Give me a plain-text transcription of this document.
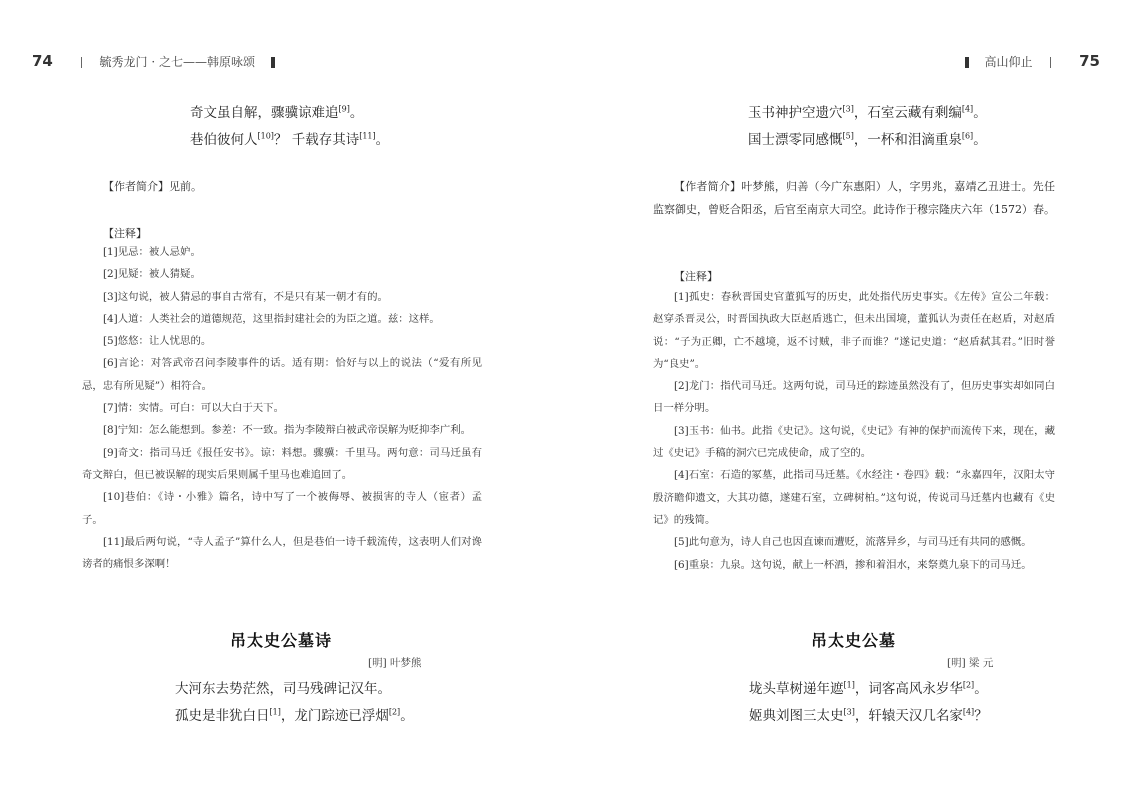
74	毓秀龙门 · 之七——韩原咏颂
奇文虽自解，骤骥谅难追[9]。
巷伯彼何人[10]？ 千载存其诗[11]。
【作者简介】见前。
【注释】

[1]见忌：被人忌妒。

[2]见疑：被人猜疑。

[3]这句说，被人猜忌的事自古常有，不是只有某一朝才有的。

[4]人道：人类社会的道德规范，这里指封建社会的为臣之道。兹：这样。

[5]悠悠：让人忧思的。

[6]言论：对答武帝召问李陵事件的话。适有期：恰好与以上的说法（“爱有所见忌，忠有所见疑”）相符合。

[7]情：实情。可白：可以大白于天下。

[8]宁知：怎么能想到。参差：不一致。指为李陵辩白被武帝误解为贬抑李广利。

[9]奇文：指司马迁《报任安书》。谅：料想。骤骥：千里马。两句意：司马迁虽有奇文辩白，但已被误解的现实后果则属千里马也难追回了。

[10]巷伯：《诗・小雅》篇名，诗中写了一个被侮辱、被损害的寺人（宦者）孟子。

[11]最后两句说，“寺人孟子”算什么人，但是巷伯一诗千载流传，这表明人们对谗谤者的痛恨多深啊！

吊太史公墓诗
[明] 叶梦熊
大河东去势茫然，司马残碑记汉年。
孤史是非犹白日[1]，龙门踪迹已浮烟[2]。
高山仰止	75
玉书神护空遗穴[3]，石室云藏有剩编[4]。
国士漂零同感慨[5]，一杯和泪滴重泉[6]。
【作者简介】叶梦熊，归善（今广东惠阳）人，字男兆，嘉靖乙丑进士。先任监察御史，曾贬合阳丞，后官至南京大司空。此诗作于穆宗隆庆六年（1572）春。
【注释】

[1]孤史：春秋晋国史官董狐写的历史，此处指代历史事实。《左传》宣公二年载：赵穿杀晋灵公，时晋国执政大臣赵盾逃亡，但未出国境，董狐认为责任在赵盾，对赵盾说：“子为正卿，亡不越境，返不讨贼，非子而谁？”遂记史道：“赵盾弑其君。”旧时誉为“良史”。

[2]龙门：指代司马迁。这两句说，司马迁的踪迹虽然没有了，但历史事实却如同白日一样分明。

[3]玉书：仙书。此指《史记》。这句说，《史记》有神的保护而流传下来，现在，藏过《史记》手稿的洞穴已完成使命，成了空的。

[4]石室：石造的冢墓，此指司马迁墓。《水经注・卷四》载：“永嘉四年，汉阳太守殷济瞻仰遗文，大其功德，遂建石室，立碑树柏。”这句说，传说司马迁墓内也藏有《史记》的残简。

[5]此句意为，诗人自己也因直谏而遭贬，流落异乡，与司马迁有共同的感慨。

[6]重泉：九泉。这句说，献上一杯酒，掺和着泪水，来祭奠九泉下的司马迁。

吊太史公墓
[明] 梁 元
垅头草树递年遮[1]，词客高风永岁华[2]。
姬典刘图三太史[3]，轩辕天汉几名家[4]？
